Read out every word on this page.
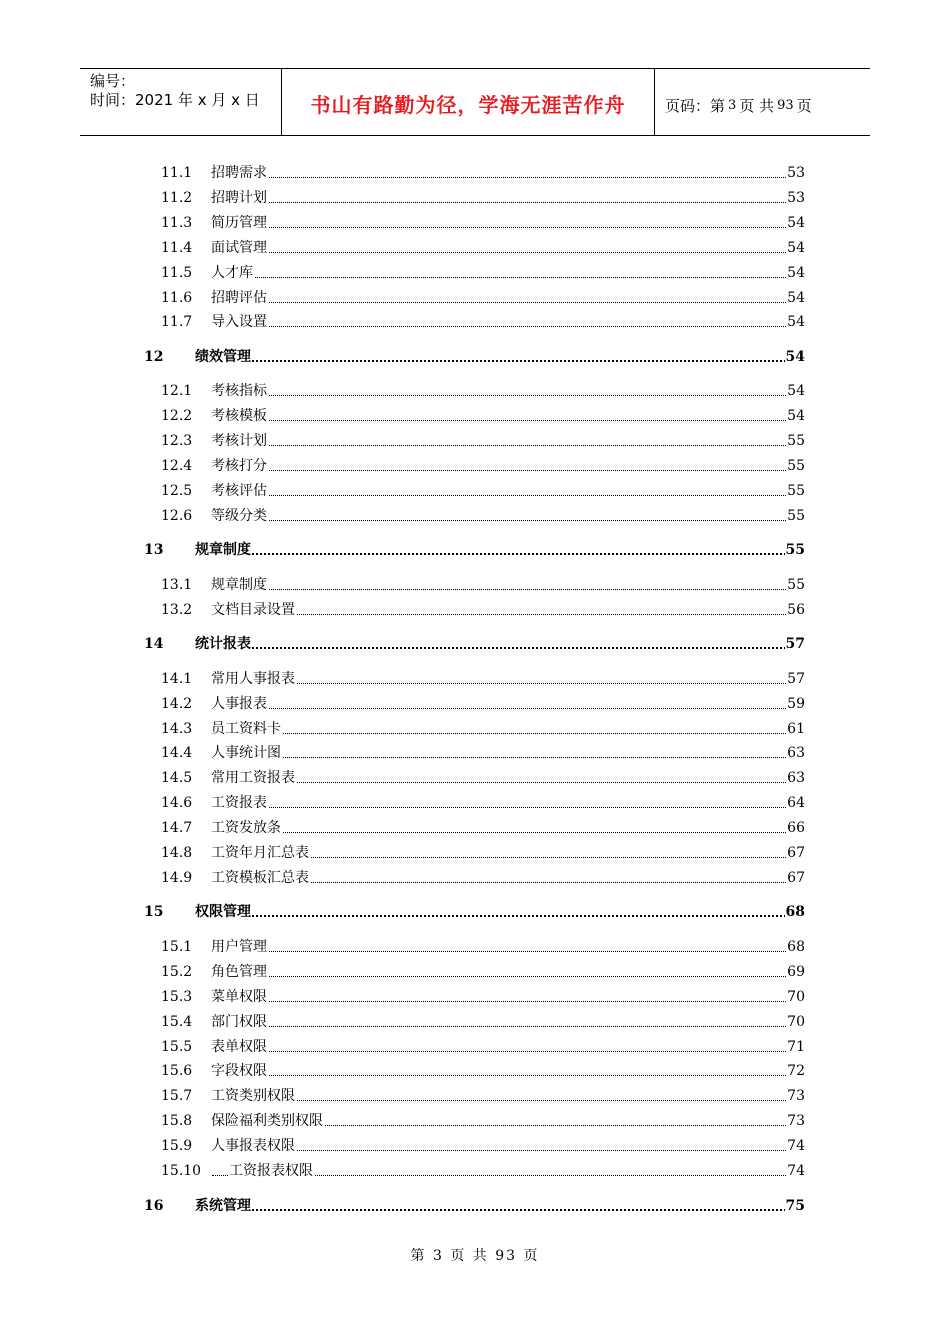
编号：
时间：2021 年 x 月 x 日	书山有路勤为径，学海无涯苦作舟	页码：第 3 页 共 93 页
11.1 招聘需求	53
11.2 招聘计划	53
11.3 简历管理	54
11.4 面试管理	54
11.5 人才库	54
11.6 招聘评估	54
11.7 导入设置	54
12 绩效管理	54
12.1 考核指标	54
12.2 考核模板	54
12.3 考核计划	55
12.4 考核打分	55
12.5 考核评估	55
12.6 等级分类	55
13 规章制度	55
13.1 规章制度	55
13.2 文档目录设置	56
14 统计报表	57
14.1 常用人事报表	57
14.2 人事报表	59
14.3 员工资料卡	61
14.4 人事统计图	63
14.5 常用工资报表	63
14.6 工资报表	64
14.7 工资发放条	66
14.8 工资年月汇总表	67
14.9 工资模板汇总表	67
15 权限管理	68
15.1 用户管理	68
15.2 角色管理	69
15.3 菜单权限	70
15.4 部门权限	70
15.5 表单权限	71
15.6 字段权限	72
15.7 工资类别权限	73
15.8 保险福利类别权限	73
15.9 人事报表权限	74
15.10 工资报表权限	74
16 系统管理	75
第 3 页 共 93 页
